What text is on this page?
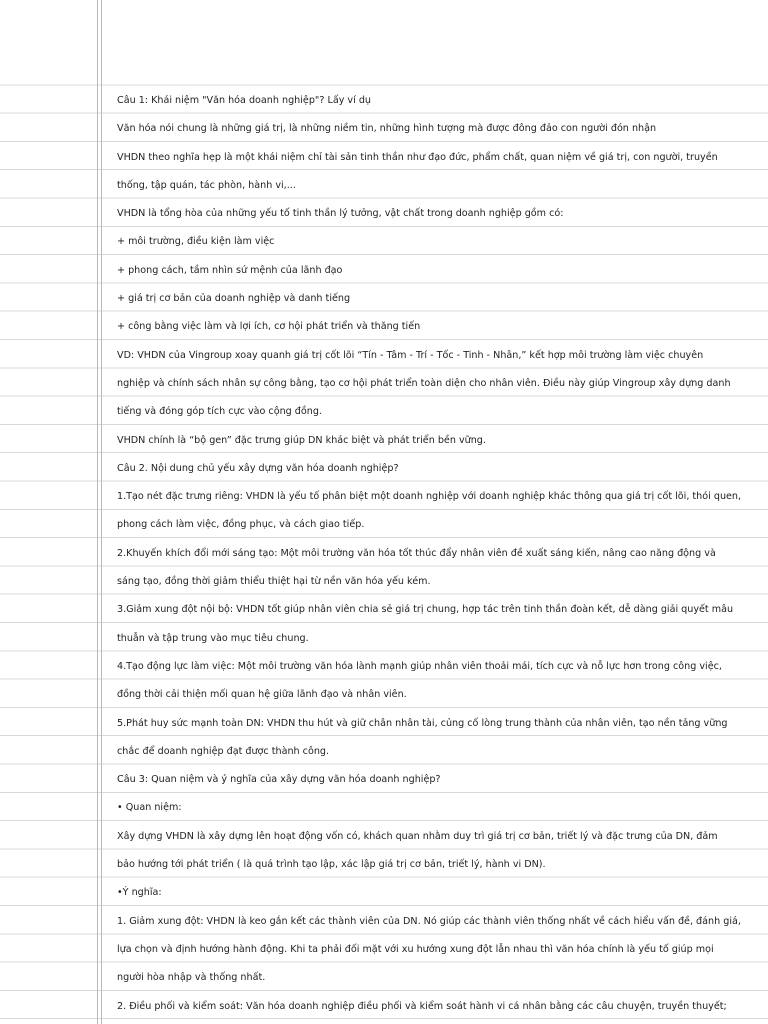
Câu 1: Khái niệm "Văn hóa doanh nghiệp"? Lấy ví dụ
Văn hóa nói chung là những giá trị, là những niềm tin, những hình tượng mà được đông đảo con người đón nhận
VHDN theo nghĩa hẹp là một khái niệm chỉ tài sản tinh thần như đạo đức, phẩm chất, quan niệm về giá trị, con người, truyền
thống, tập quán, tác phòn, hành vi,...
VHDN là tổng hòa của những yếu tố tinh thần lý tưởng, vật chất trong doanh nghiệp gồm có:
+ môi trường, điều kiện làm việc
+ phong cách, tầm nhìn sứ mệnh của lãnh đạo
+ giá trị cơ bản của doanh nghiệp và danh tiếng
+ công bằng việc làm và lợi ích, cơ hội phát triển và thăng tiến
VD: VHDN của Vingroup xoay quanh giá trị cốt lõi “Tín - Tâm - Trí - Tốc - Tinh - Nhân,” kết hợp môi trường làm việc chuyên
nghiệp và chính sách nhân sự công bằng, tạo cơ hội phát triển toàn diện cho nhân viên. Điều này giúp Vingroup xây dựng danh
tiếng và đóng góp tích cực vào cộng đồng.
VHDN chính là “bộ gen” đặc trưng giúp DN khác biệt và phát triển bền vững.
Câu 2. Nội dung chủ yếu xây dựng văn hóa doanh nghiệp?
1.Tạo nét đặc trưng riêng: VHDN là yếu tố phân biệt một doanh nghiệp với doanh nghiệp khác thông qua giá trị cốt lõi, thói quen,
phong cách làm việc, đồng phục, và cách giao tiếp.
2.Khuyến khích đổi mới sáng tạo: Một môi trường văn hóa tốt thúc đẩy nhân viên đề xuất sáng kiến, nâng cao năng động và
sáng tạo, đồng thời giảm thiểu thiệt hại từ nền văn hóa yếu kém.
3.Giảm xung đột nội bộ: VHDN tốt giúp nhân viên chia sẻ giá trị chung, hợp tác trên tinh thần đoàn kết, dễ dàng giải quyết mâu
thuẫn và tập trung vào mục tiêu chung.
4.Tạo động lực làm việc: Một môi trường văn hóa lành mạnh giúp nhân viên thoải mái, tích cực và nỗ lực hơn trong công việc,
đồng thời cải thiện mối quan hệ giữa lãnh đạo và nhân viên.
5.Phát huy sức mạnh toàn DN: VHDN thu hút và giữ chân nhân tài, củng cố lòng trung thành của nhân viên, tạo nền tảng vững
chắc để doanh nghiệp đạt được thành công.
Câu 3: Quan niệm và ý nghĩa của xây dựng văn hóa doanh nghiệp?
• Quan niệm:
Xây dựng VHDN là xây dựng lên hoạt động vốn có, khách quan nhằm duy trì giá trị cơ bản, triết lý và đặc trưng của DN, đảm
bảo hướng tới phát triển ( là quá trình tạo lập, xác lập giá trị cơ bản, triết lý, hành vi DN).
•Ý nghĩa:
1. Giảm xung đột: VHDN là keo gắn kết các thành viên của DN. Nó giúp các thành viên thống nhất về cách hiểu vấn đề, đánh giá,
lựa chọn và định hướng hành động. Khi ta phải đối mặt với xu hướng xung đột lẫn nhau thì văn hóa chính là yếu tố giúp mọi
người hòa nhập và thống nhất.
2. Điều phối và kiểm soát: Văn hóa doanh nghiệp điều phối và kiểm soát hành vi cá nhân bằng các câu chuyện, truyền thuyết;
